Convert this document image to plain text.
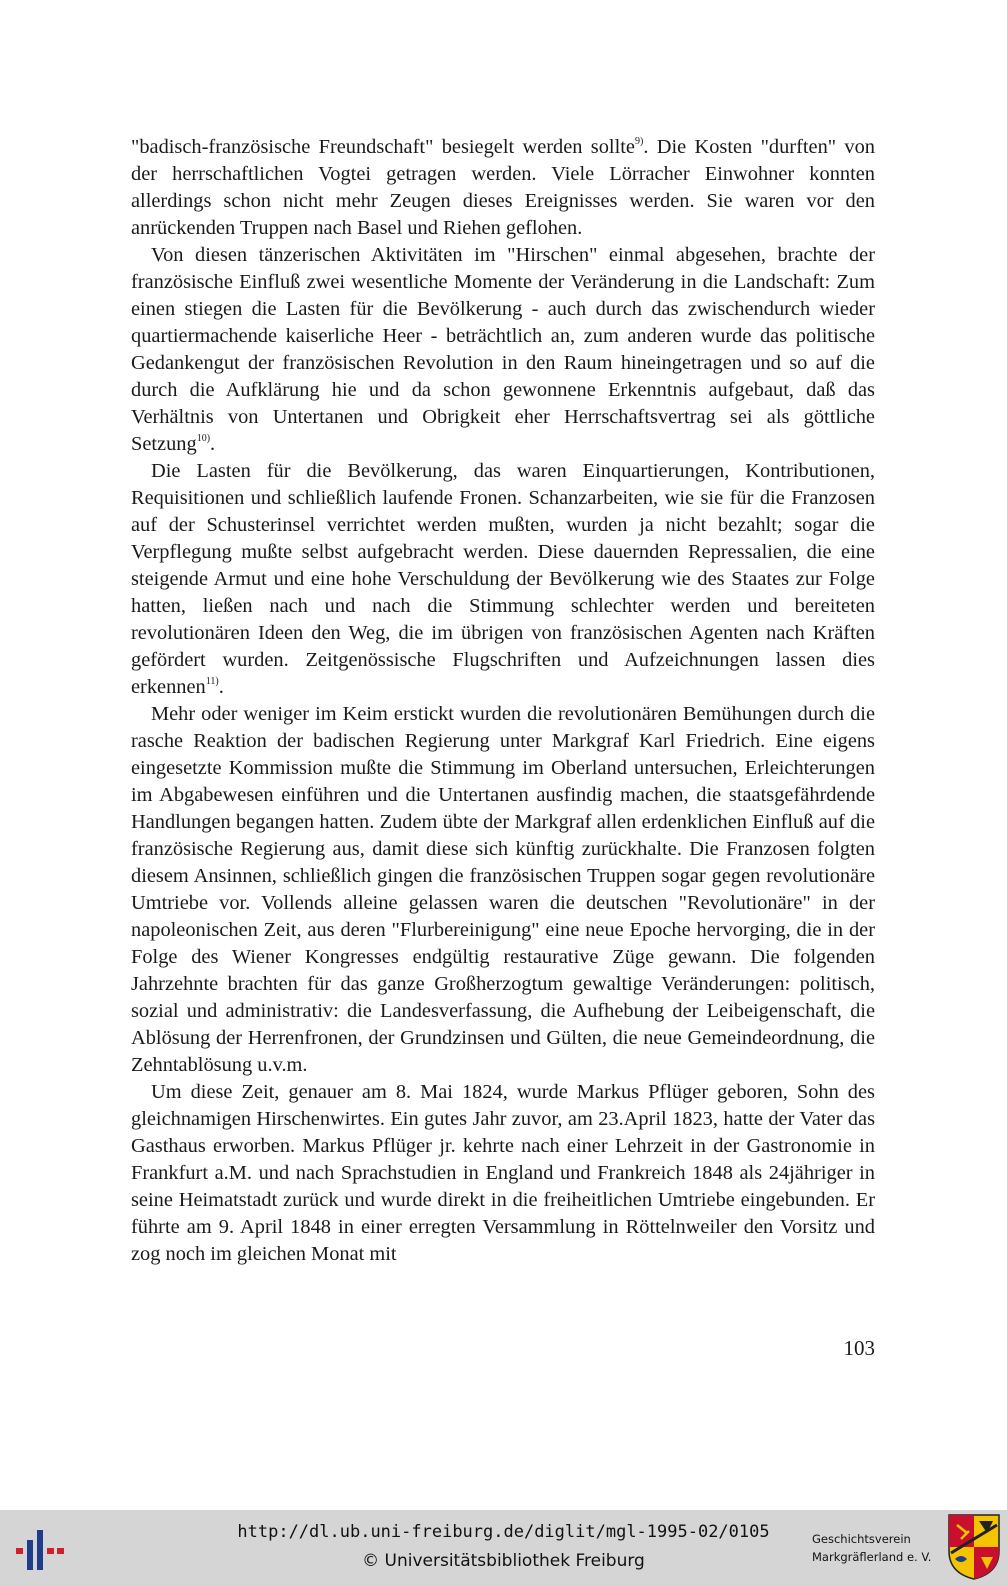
"badisch-französische Freundschaft" besiegelt werden sollte$^{9)}$. Die Kosten "durften" von der herrschaftlichen Vogtei getragen werden. Viele Lörracher Einwohner konnten allerdings schon nicht mehr Zeugen dieses Ereignisses werden. Sie waren vor den anrückenden Truppen nach Basel und Riehen geflohen.

Von diesen tänzerischen Aktivitäten im "Hirschen" einmal abgesehen, brachte der französische Einfluß zwei wesentliche Momente der Veränderung in die Landschaft: Zum einen stiegen die Lasten für die Bevölkerung - auch durch das zwischendurch wieder quartiermachende kaiserliche Heer - beträchtlich an, zum anderen wurde das politische Gedankengut der französischen Revolution in den Raum hineingetragen und so auf die durch die Aufklärung hie und da schon gewonnene Erkenntnis aufgebaut, daß das Verhältnis von Untertanen und Obrigkeit eher Herrschaftsvertrag sei als göttliche Setzung$^{10)}$.

Die Lasten für die Bevölkerung, das waren Einquartierungen, Kontributionen, Requisitionen und schließlich laufende Fronen. Schanzarbeiten, wie sie für die Franzosen auf der Schusterinsel verrichtet werden mußten, wurden ja nicht bezahlt; sogar die Verpflegung mußte selbst aufgebracht werden. Diese dauernden Repressalien, die eine steigende Armut und eine hohe Verschuldung der Bevölkerung wie des Staates zur Folge hatten, ließen nach und nach die Stimmung schlechter werden und bereiteten revolutionären Ideen den Weg, die im übrigen von französischen Agenten nach Kräften gefördert wurden. Zeitgenössische Flugschriften und Aufzeichnungen lassen dies erkennen$^{11)}$.

Mehr oder weniger im Keim erstickt wurden die revolutionären Bemühungen durch die rasche Reaktion der badischen Regierung unter Markgraf Karl Friedrich. Eine eigens eingesetzte Kommission mußte die Stimmung im Oberland untersuchen, Erleichterungen im Abgabewesen einführen und die Untertanen ausfindig machen, die staatsgefährdende Handlungen begangen hatten. Zudem übte der Markgraf allen erdenklichen Einfluß auf die französische Regierung aus, damit diese sich künftig zurückhalte. Die Franzosen folgten diesem Ansinnen, schließlich gingen die französischen Truppen sogar gegen revolutionäre Umtriebe vor. Vollends alleine gelassen waren die deutschen "Revolutionäre" in der napoleonischen Zeit, aus deren "Flurbereinigung" eine neue Epoche hervorging, die in der Folge des Wiener Kongresses endgültig restaurative Züge gewann. Die folgenden Jahrzehnte brachten für das ganze Großherzogtum gewaltige Veränderungen: politisch, sozial und administrativ: die Landesverfassung, die Aufhebung der Leibeigenschaft, die Ablösung der Herrenfronen, der Grundzinsen und Gülten, die neue Gemeindeordnung, die Zehntablösung u.v.m.

Um diese Zeit, genauer am 8. Mai 1824, wurde Markus Pflüger geboren, Sohn des gleichnamigen Hirschenwirtes. Ein gutes Jahr zuvor, am 23.April 1823, hatte der Vater das Gasthaus erworben. Markus Pflüger jr. kehrte nach einer Lehrzeit in der Gastronomie in Frankfurt a.M. und nach Sprachstudien in England und Frankreich 1848 als 24jähriger in seine Heimatstadt zurück und wurde direkt in die freiheitlichen Umtriebe eingebunden. Er führte am 9. April 1848 in einer erregten Versammlung in Röttelnweiler den Vorsitz und zog noch im gleichen Monat mit

103
http://dl.ub.uni-freiburg.de/diglit/mgl-1995-02/0105
© Universitätsbibliothek Freiburg
Geschichtsverein
Markgräflerland e. V.
